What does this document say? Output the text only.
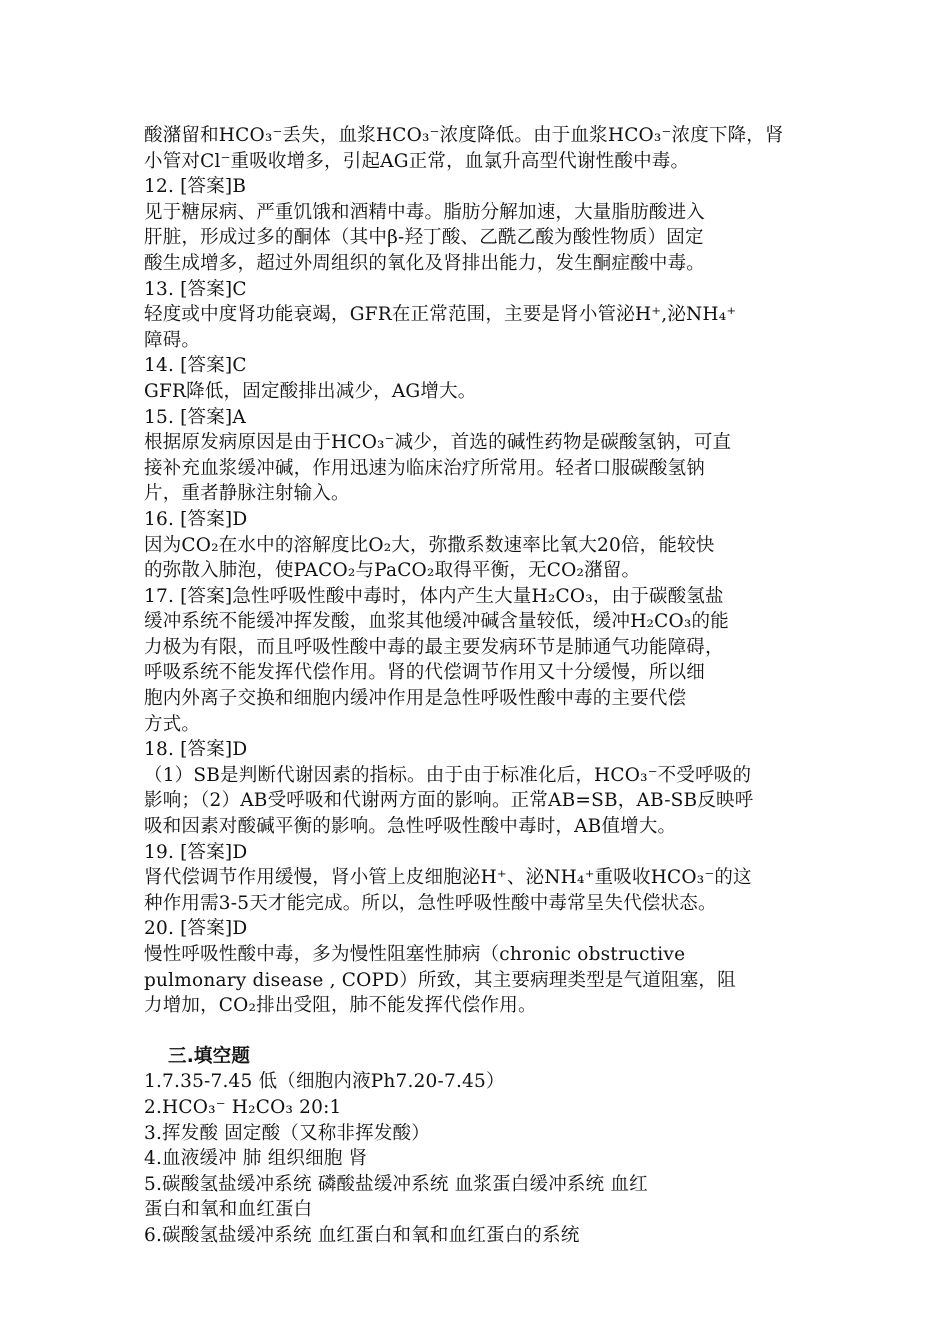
酸潴留和HCO₃⁻丢失，血浆HCO₃⁻浓度降低。由于血浆HCO₃⁻浓度下降，肾
小管对Cl⁻重吸收增多，引起AG正常，血氯升高型代谢性酸中毒。
12. [答案]B
见于糖尿病、严重饥饿和酒精中毒。脂肪分解加速，大量脂肪酸进入
肝脏，形成过多的酮体（其中β-羟丁酸、乙酰乙酸为酸性物质）固定
酸生成增多，超过外周组织的氧化及肾排出能力，发生酮症酸中毒。
13. [答案]C
轻度或中度肾功能衰竭，GFR在正常范围，主要是肾小管泌H⁺,泌NH₄⁺
障碍。
14. [答案]C
GFR降低，固定酸排出减少，AG增大。
15. [答案]A
根据原发病原因是由于HCO₃⁻减少，首选的碱性药物是碳酸氢钠，可直
接补充血浆缓冲碱，作用迅速为临床治疗所常用。轻者口服碳酸氢钠
片，重者静脉注射输入。
16. [答案]D
因为CO₂在水中的溶解度比O₂大，弥撒系数速率比氧大20倍，能较快
的弥散入肺泡，使PACO₂与PaCO₂取得平衡，无CO₂潴留。
17. [答案]急性呼吸性酸中毒时，体内产生大量H₂CO₃，由于碳酸氢盐
缓冲系统不能缓冲挥发酸，血浆其他缓冲碱含量较低，缓冲H₂CO₃的能
力极为有限，而且呼吸性酸中毒的最主要发病环节是肺通气功能障碍，
呼吸系统不能发挥代偿作用。肾的代偿调节作用又十分缓慢，所以细
胞内外离子交换和细胞内缓冲作用是急性呼吸性酸中毒的主要代偿
方式。
18. [答案]D
（1）SB是判断代谢因素的指标。由于由于标准化后，HCO₃⁻不受呼吸的
影响；（2）AB受呼吸和代谢两方面的影响。正常AB=SB，AB-SB反映呼
吸和因素对酸碱平衡的影响。急性呼吸性酸中毒时，AB值增大。
19. [答案]D
肾代偿调节作用缓慢，肾小管上皮细胞泌H⁺、泌NH₄⁺重吸收HCO₃⁻的这
种作用需3-5天才能完成。所以，急性呼吸性酸中毒常呈失代偿状态。
20. [答案]D
慢性呼吸性酸中毒，多为慢性阻塞性肺病（chronic obstructive
pulmonary disease , COPD）所致，其主要病理类型是气道阻塞，阻
力增加，CO₂排出受阻，肺不能发挥代偿作用。
三.填空题
1.7.35-7.45 低（细胞内液Ph7.20-7.45）
2.HCO₃⁻ H₂CO₃ 20:1
3.挥发酸 固定酸（又称非挥发酸）
4.血液缓冲 肺 组织细胞 肾
5.碳酸氢盐缓冲系统 磷酸盐缓冲系统 血浆蛋白缓冲系统 血红
蛋白和氧和血红蛋白
6.碳酸氢盐缓冲系统 血红蛋白和氧和血红蛋白的系统
